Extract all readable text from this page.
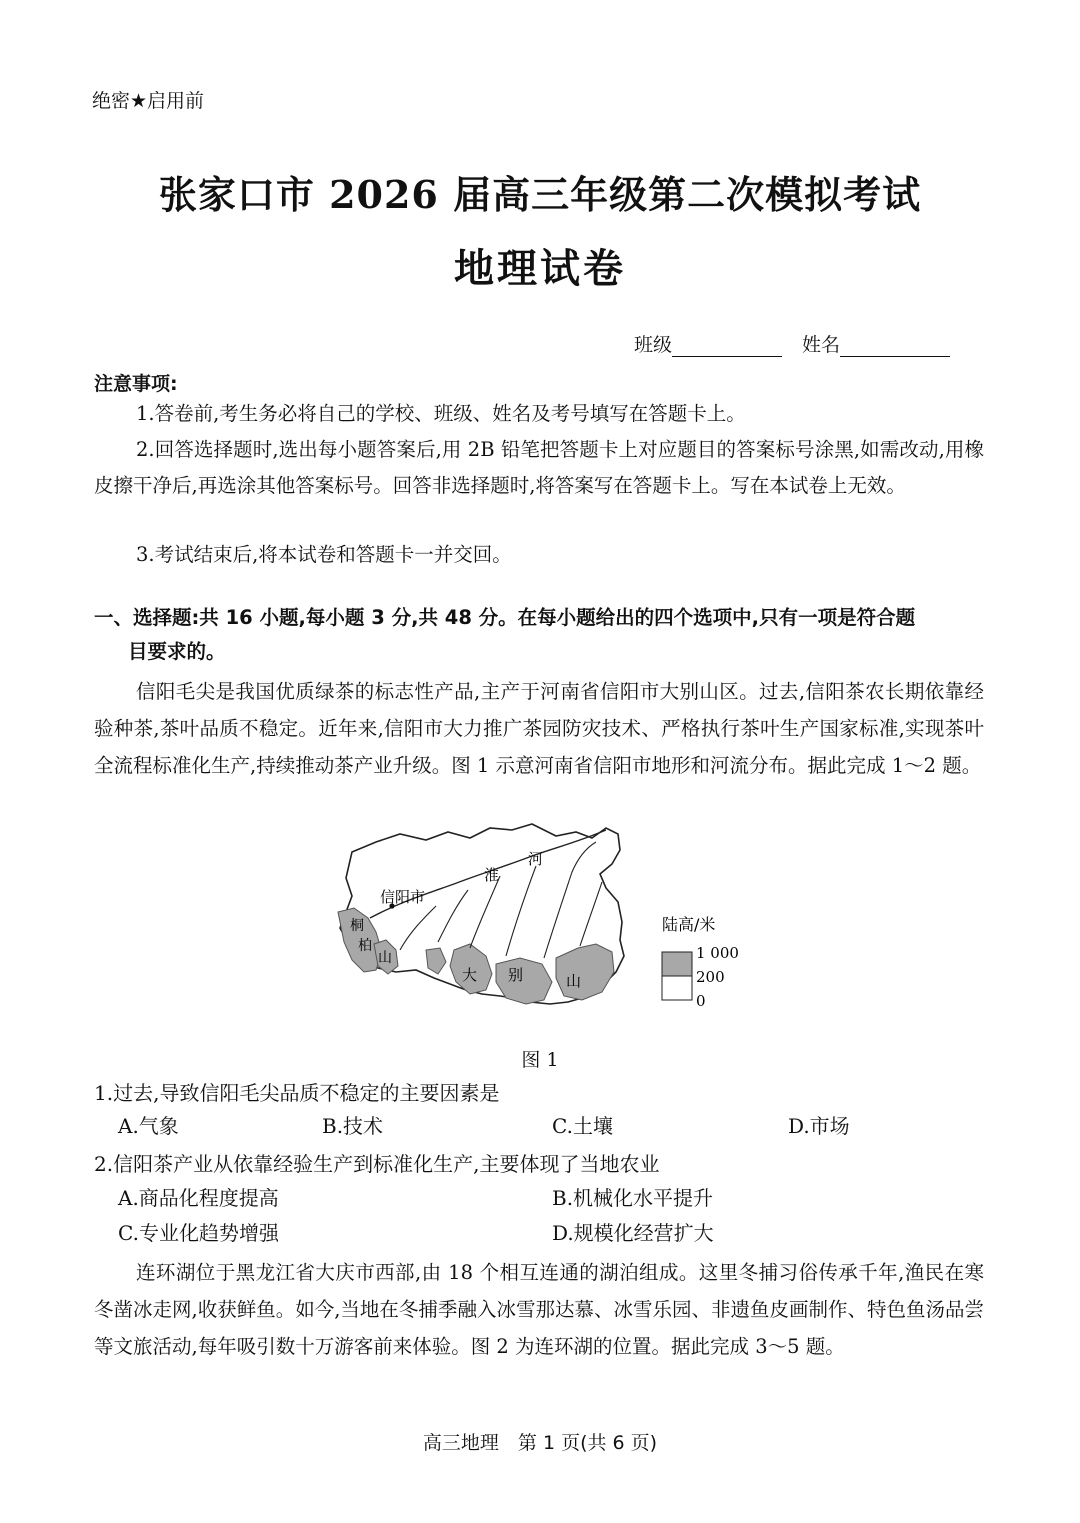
绝密★启用前
张家口市 2026 届高三年级第二次模拟考试
地理试卷
班级	姓名
注意事项:
1.答卷前,考生务必将自己的学校、班级、姓名及考号填写在答题卡上。
2.回答选择题时,选出每小题答案后,用 2B 铅笔把答题卡上对应题目的答案标号涂黑,如需改动,用橡皮擦干净后,再选涂其他答案标号。回答非选择题时,将答案写在答题卡上。写在本试卷上无效。
3.考试结束后,将本试卷和答题卡一并交回。
一、选择题:共 16 小题,每小题 3 分,共 48 分。在每小题给出的四个选项中,只有一项是符合题
目要求的。
信阳毛尖是我国优质绿茶的标志性产品,主产于河南省信阳市大别山区。过去,信阳茶农长期依靠经验种茶,茶叶品质不稳定。近年来,信阳市大力推广茶园防灾技术、严格执行茶叶生产国家标准,实现茶叶全流程标准化生产,持续推动茶产业升级。图 1 示意河南省信阳市地形和河流分布。据此完成 1～2 题。
信阳市
淮
河
桐
柏
山
大 别	山
陆高/米
1 000
200
0
图 1
1.过去,导致信阳毛尖品质不稳定的主要因素是
A.气象	B.技术	C.土壤	D.市场
2.信阳茶产业从依靠经验生产到标准化生产,主要体现了当地农业
A.商品化程度提高	B.机械化水平提升
C.专业化趋势增强	D.规模化经营扩大
连环湖位于黑龙江省大庆市西部,由 18 个相互连通的湖泊组成。这里冬捕习俗传承千年,渔民在寒冬凿冰走网,收获鲜鱼。如今,当地在冬捕季融入冰雪那达慕、冰雪乐园、非遗鱼皮画制作、特色鱼汤品尝等文旅活动,每年吸引数十万游客前来体验。图 2 为连环湖的位置。据此完成 3～5 题。
高三地理　第 1 页(共 6 页)
